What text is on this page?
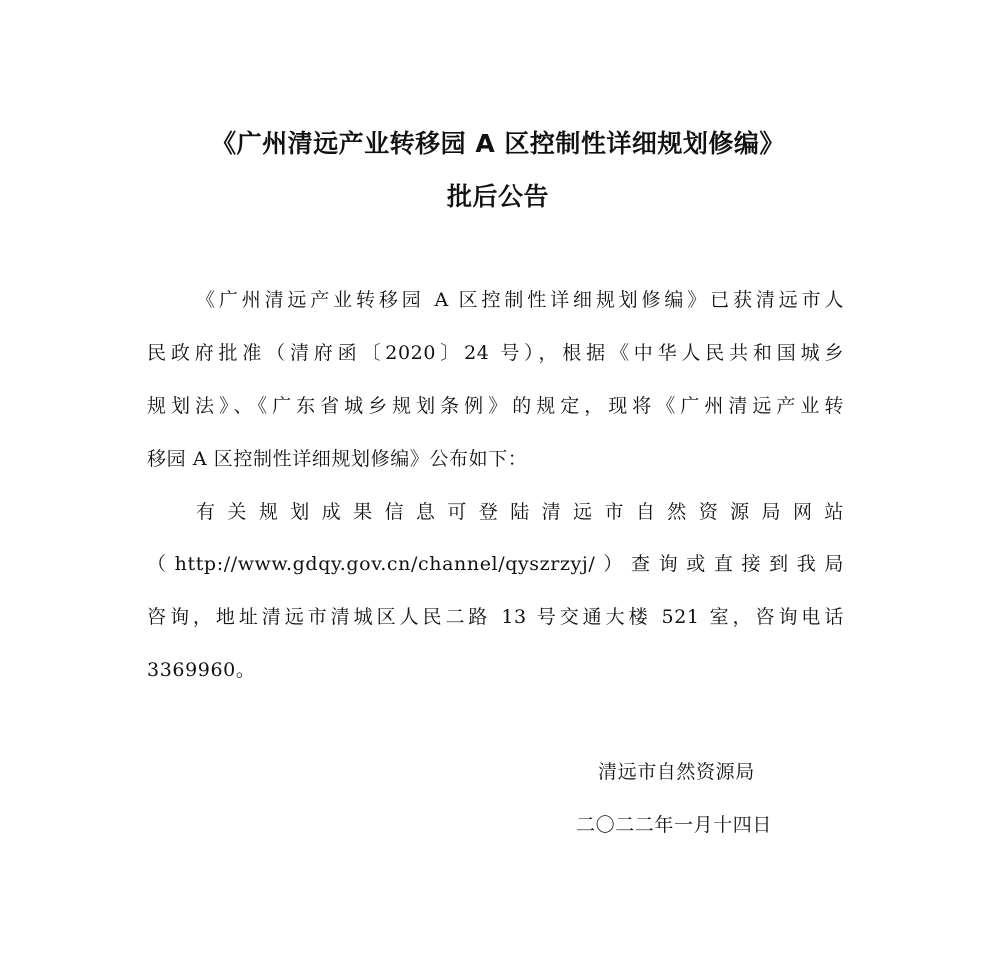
《广州清远产业转移园 A 区控制性详细规划修编》
批后公告
《广州清远产业转移园 A 区控制性详细规划修编》已获清远市人
民政府批准（清府函〔2020〕24 号），根据《中华人民共和国城乡
规划法》、《广东省城乡规划条例》的规定，现将《广州清远产业转
移园 A 区控制性详细规划修编》公布如下：
有关规划成果信息可登陆清远市自然资源局网站
（http://www.gdqy.gov.cn/channel/qyszrzyj/）查询或直接到我局
咨询，地址清远市清城区人民二路 13 号交通大楼 521 室，咨询电话
3369960。
清远市自然资源局
二〇二二年一月十四日
